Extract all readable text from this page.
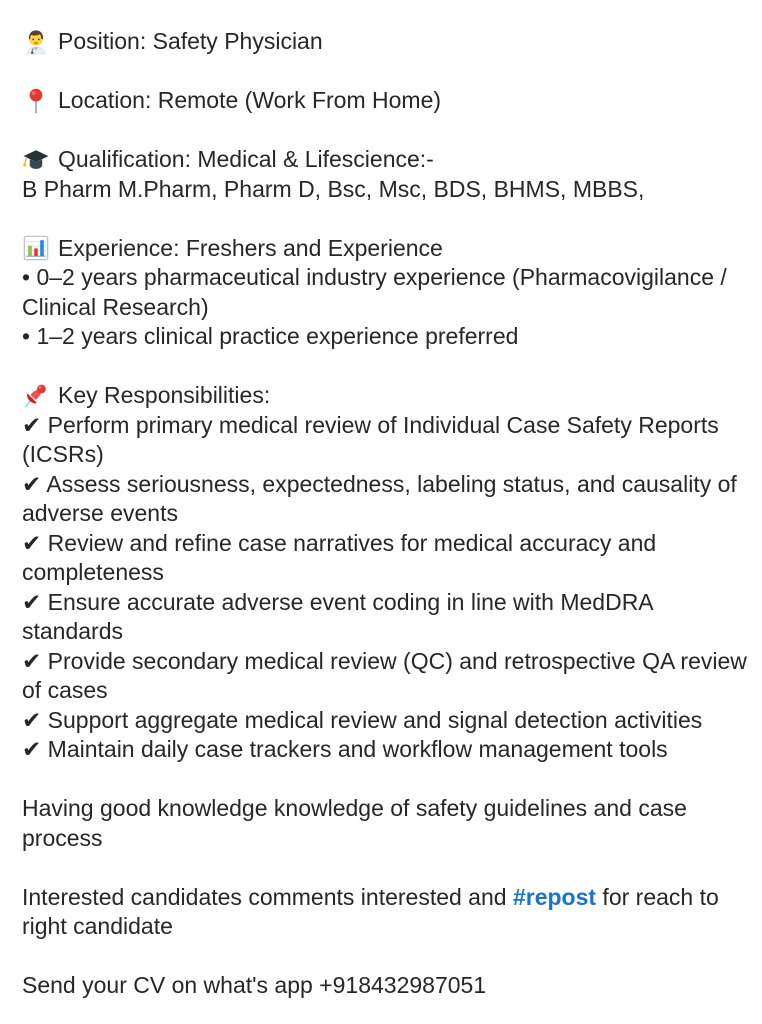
Position: Safety Physician
Location: Remote (Work From Home)
Qualification: Medical & Lifescience:-
B Pharm M.Pharm, Pharm D, Bsc, Msc, BDS, BHMS, MBBS,
Experience: Freshers and Experience
• 0–2 years pharmaceutical industry experience (Pharmacovigilance /
Clinical Research)
• 1–2 years clinical practice experience preferred
Key Responsibilities:
✔ Perform primary medical review of Individual Case Safety Reports
(ICSRs)
✔ Assess seriousness, expectedness, labeling status, and causality of
adverse events
✔ Review and refine case narratives for medical accuracy and
completeness
✔ Ensure accurate adverse event coding in line with MedDRA
standards
✔ Provide secondary medical review (QC) and retrospective QA review
of cases
✔ Support aggregate medical review and signal detection activities
✔ Maintain daily case trackers and workflow management tools
Having good knowledge knowledge of safety guidelines and case
process
Interested candidates comments interested and #repost for reach to
right candidate
Send your CV on what's app +918432987051
